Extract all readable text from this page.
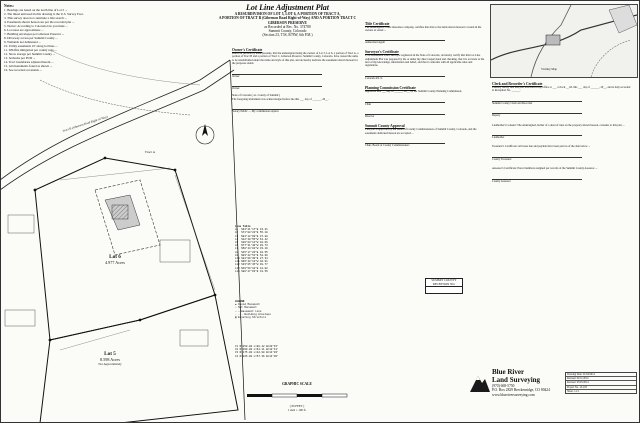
Notes:
1. Bearings are based on the north line of Lot 5 ...
2. The lineal unit used in this drawing is the U.S. Survey Foot.
3. This survey does not constitute a title search ...
4. Easements shown hereon are per the recorded plat ...
5. Notice: According to Colorado law you must ...
6. Lot areas are approximate ...
7. Building envelopes per Giberson Preserve ...
8. Driveway access per Summit County ...
9. Wetlands not delineated ...
10. Utility easements 10' along lot lines ...
11. Wildfire mitigation per county regs ...
12. Snow storage per Summit County ...
13. Setbacks per PUD ...
14. Tract boundaries adjusted herein ...
15. All monuments found as shown ...
16. See recorded covenants ...
Lot 6
4.977 Acres
Lot 5
8.598 Acres
Not Approximately
Tract A
Tract B (Giberson Road Right-of-Way)
Lot Line Adjustment Plat
A RESUBDIVISION OF LOT 5, LOT 6, A PORTION OF TRACT A,
A PORTION OF TRACT B (Gibernon Road Right-of-Way) AND A PORTION TRACT C
GIBERSON PRESERVE
as Recorded at Rec. No. 374780
Summit County, Colorado
(Section 23, T5S, R78W, 6th P.M.)
Owner's Certificate
Know all persons by these presents, that the undersigned being the owners of Lot 5, Lot 6, a portion of Tract A, a portion of Tract B and a portion of Tract C, Giberson Preserve, Summit County, Colorado, have caused the same to be resubdivided under the name and style of this plat, and do hereby dedicate the easements shown hereon for the purposes stated.
Owner
Owner
State of Colorado ) ss. County of Summit )
The foregoing instrument was acknowledged before me this ___ day of ______, 20__.
Notary Public — My commission expires
Line Table
L1  S64°21'17"E 43.21
L2  S71°08'22"E 55.10
L3  N84°12'09"E 37.88
L4  S12°40'55"W 61.42
L5  S20°03'14"W 48.06
L6  N77°31'40"W 29.73
L7  N58°44'02"W 33.19
L8  S45°17'26"E 40.55
L9  N03°22'51"E 52.60
L10 S81°09'30"E 27.34
L11 N66°48'12"W 46.91
L12 S33°05'45"W 38.77
L13 N49°50'18"E 44.02
L14 S88°27'03"E 31.56
LEGEND
● Found Monument
○ Set Monument
— — Easement Line
- - - Building Envelope
▨ Existing Structure
C1 R=250.00 L=88.42 Δ=20°15'
C2 R=300.00 L=64.11 Δ=12°14'
C3 R=175.00 L=42.90 Δ=14°03'
C4 R=225.00 L=57.36 Δ=14°36'
GRAPHIC SCALE
( IN FEET )
1 inch = 100 ft.
Title Certificate
The undersigned, a title insurance company, certifies that title to the lands shown hereon is vested in the owners as stated ...
Authorized Agent
Surveyor's Certificate
I, a Professional Land Surveyor registered in the State of Colorado, do hereby certify that this Lot Line Adjustment Plat was prepared by me or under my direct supervision and checking, that it is accurate to the best of my knowledge, information and belief, and that it conforms with all applicable rules and regulations.
Colorado P.L.S.
Planning Commission Certificate
Approved this ___ day of ______, 20__ by the Summit County Planning Commission.
Chair
Director
Summit County Approval
This plat is approved by the Board of County Commissioners of Summit County, Colorado, and the easements dedicated hereon are accepted ...
Chair, Board of County Commissioners
SUMMIT COUNTY
RECEPTION NO.
Vicinity Map
Clerk and Recorder's Certificate
I hereby certify that this plat was filed in my office at ___ o'clock __.M. this ___ day of ______, 20__, and is duly recorded at Reception No. ______.
Summit County Clerk and Recorder
Deputy
Lienholder's Consent: The undersigned, holder of a deed of trust on the property shown hereon, consents to this plat ...
Lienholder
Treasurer's Certificate: All taxes due and payable have been paid as of the date below ...
County Treasurer
Assessor's Certificate: Parcel numbers assigned per records of the Summit County Assessor ...
County Assessor
Blue River
Land Surveying
(970) 668-5750
P.O. Box 2829 Breckenridge, CO 80424
www.blueriversurveying.com
Drawing Date: 01/04/2014
Revised: 02/11/2014
Revised: 03/05/2014
Project No. 13-103
Sheet 1 of 1
